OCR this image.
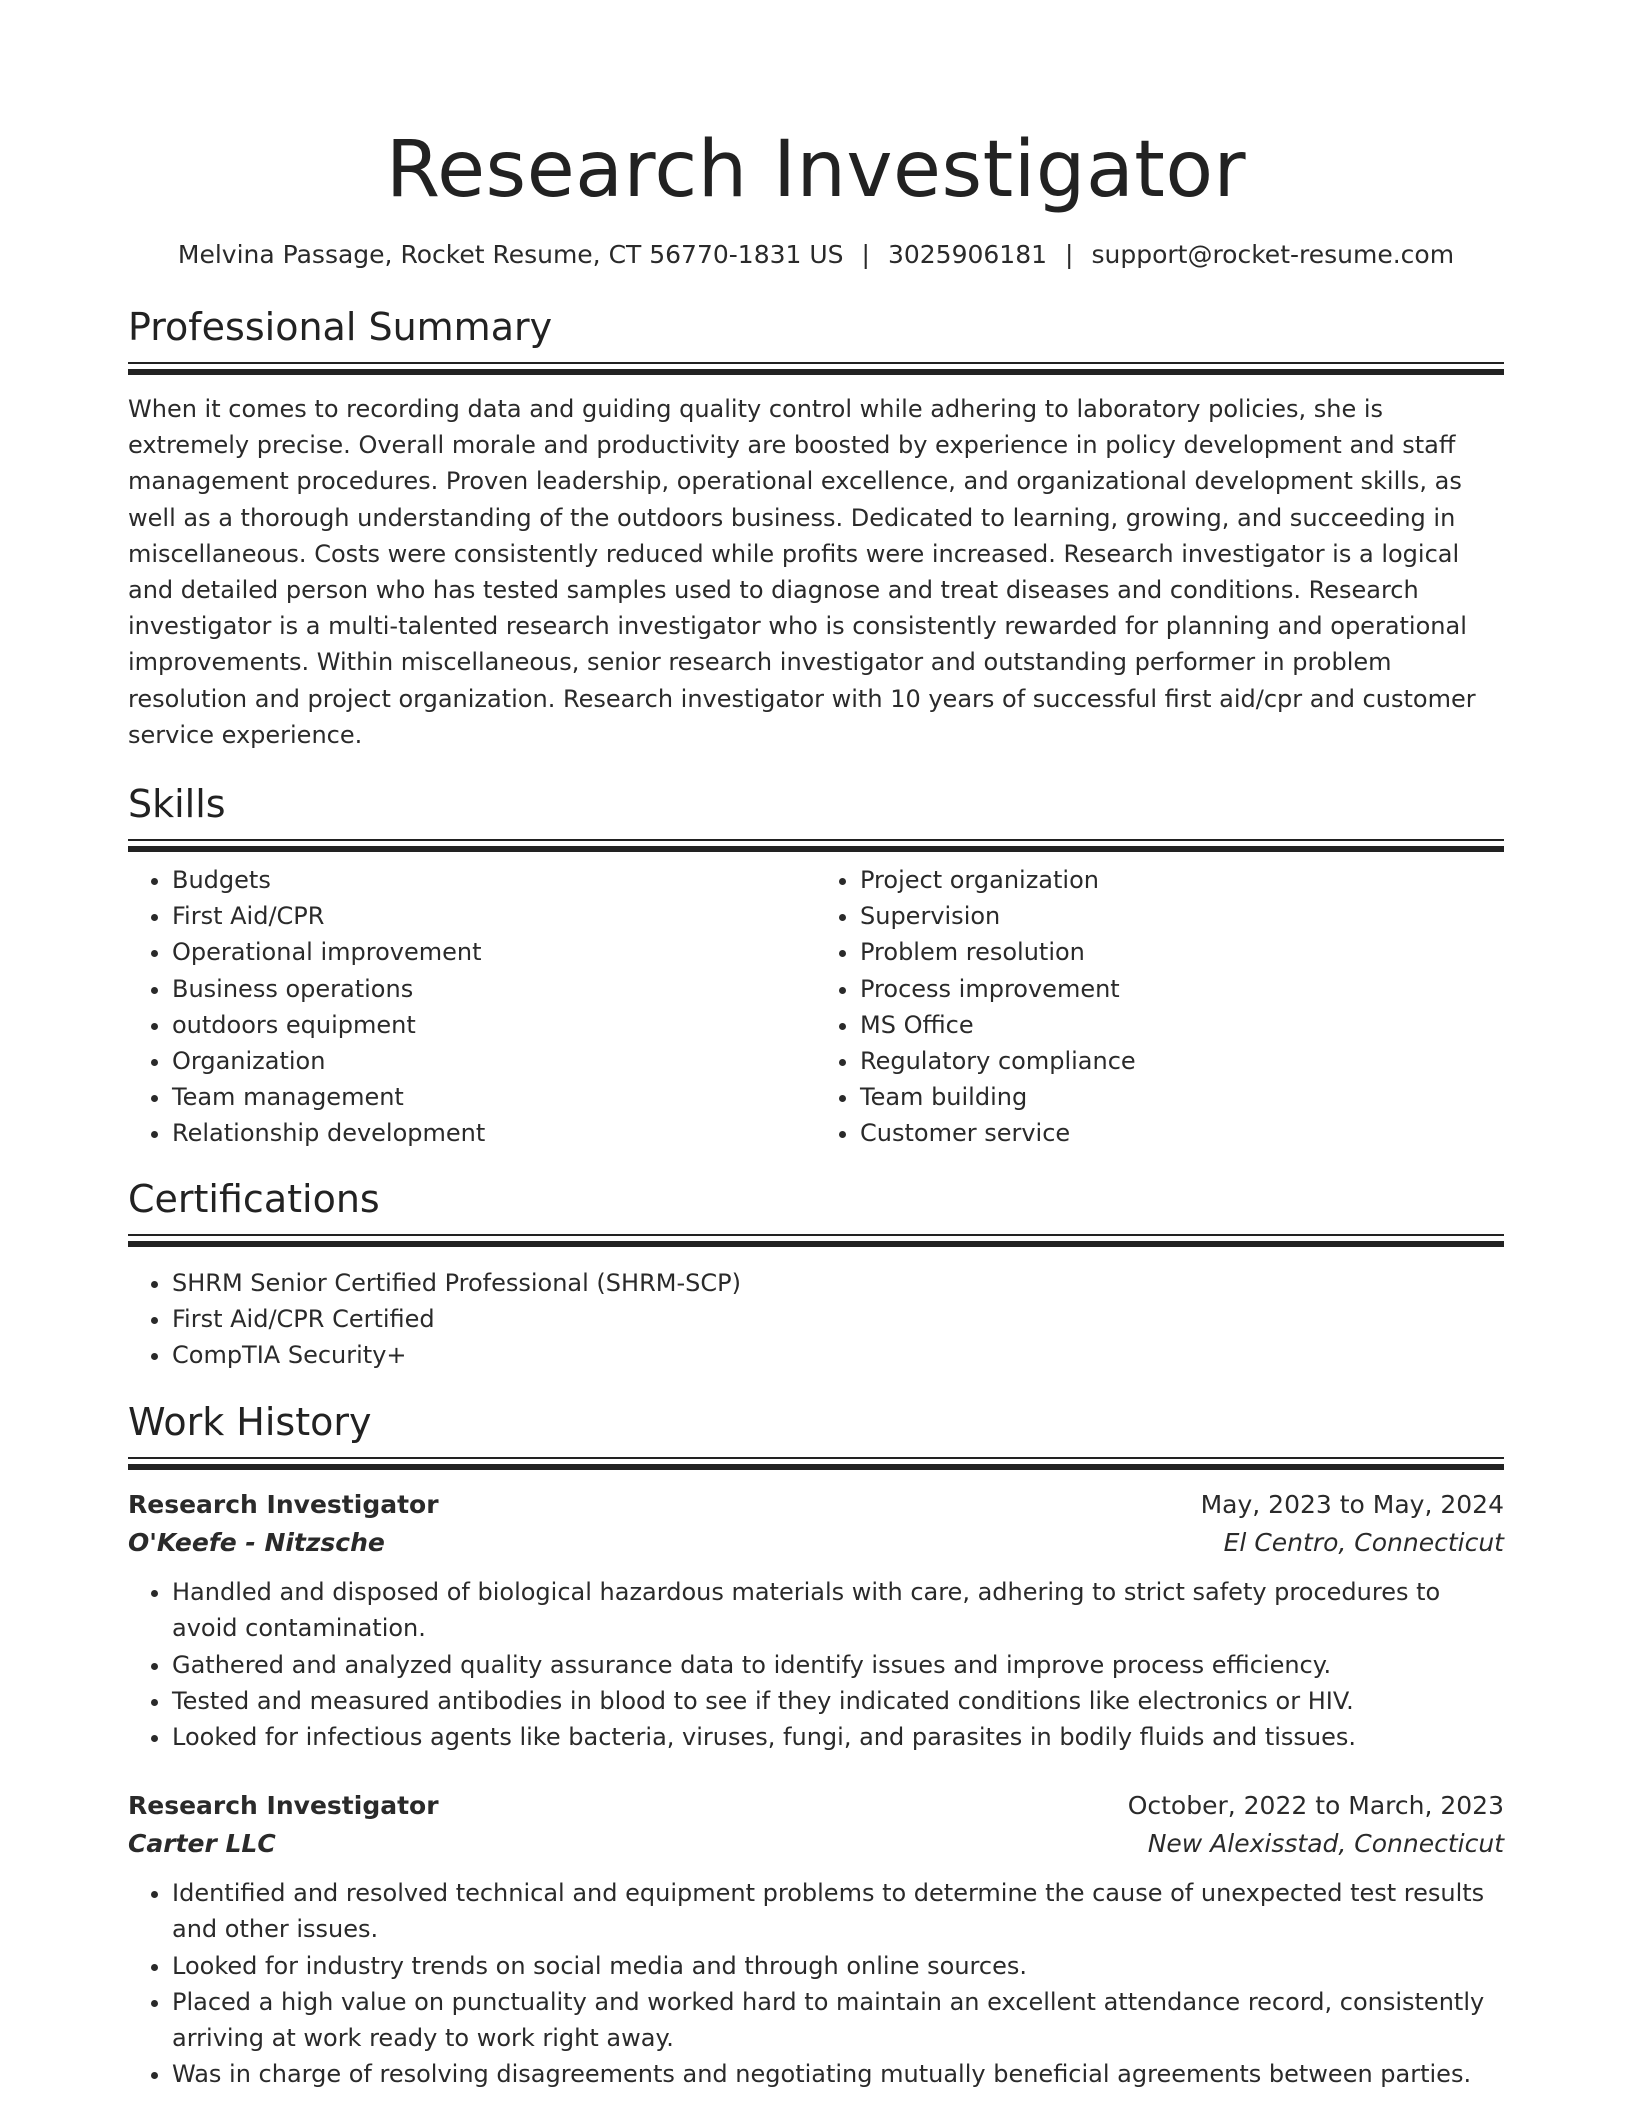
Research Investigator
Melvina Passage, Rocket Resume, CT 56770-1831 US | 3025906181 | support@rocket-resume.com
Professional Summary

When it comes to recording data and guiding quality control while adhering to laboratory policies, she is extremely precise. Overall morale and productivity are boosted by experience in policy development and staff management procedures. Proven leadership, operational excellence, and organizational development skills, as well as a thorough understanding of the outdoors business. Dedicated to learning, growing, and succeeding in miscellaneous. Costs were consistently reduced while profits were increased. Research investigator is a logical and detailed person who has tested samples used to diagnose and treat diseases and conditions. Research investigator is a multi-talented research investigator who is consistently rewarded for planning and operational improvements. Within miscellaneous, senior research investigator and outstanding performer in problem resolution and project organization. Research investigator with 10 years of successful first aid/cpr and customer service experience.

Skills
• Budgets
• First Aid/CPR
• Operational improvement
• Business operations
• outdoors equipment
• Organization
• Team management
• Relationship development
• Project organization
• Supervision
• Problem resolution
• Process improvement
• MS Office
• Regulatory compliance
• Team building
• Customer service
Certifications
• SHRM Senior Certified Professional (SHRM-SCP)
• First Aid/CPR Certified
• CompTIA Security+
Work History
Research Investigator	May, 2023 to May, 2024
O'Keefe - Nitzsche	El Centro, Connecticut
• Handled and disposed of biological hazardous materials with care, adhering to strict safety procedures to avoid contamination.
• Gathered and analyzed quality assurance data to identify issues and improve process efficiency.
• Tested and measured antibodies in blood to see if they indicated conditions like electronics or HIV.
• Looked for infectious agents like bacteria, viruses, fungi, and parasites in bodily fluids and tissues.
Research Investigator	October, 2022 to March, 2023
Carter LLC	New Alexisstad, Connecticut
• Identified and resolved technical and equipment problems to determine the cause of unexpected test results and other issues.
• Looked for industry trends on social media and through online sources.
• Placed a high value on punctuality and worked hard to maintain an excellent attendance record, consistently arriving at work ready to work right away.
• Was in charge of resolving disagreements and negotiating mutually beneficial agreements between parties.
